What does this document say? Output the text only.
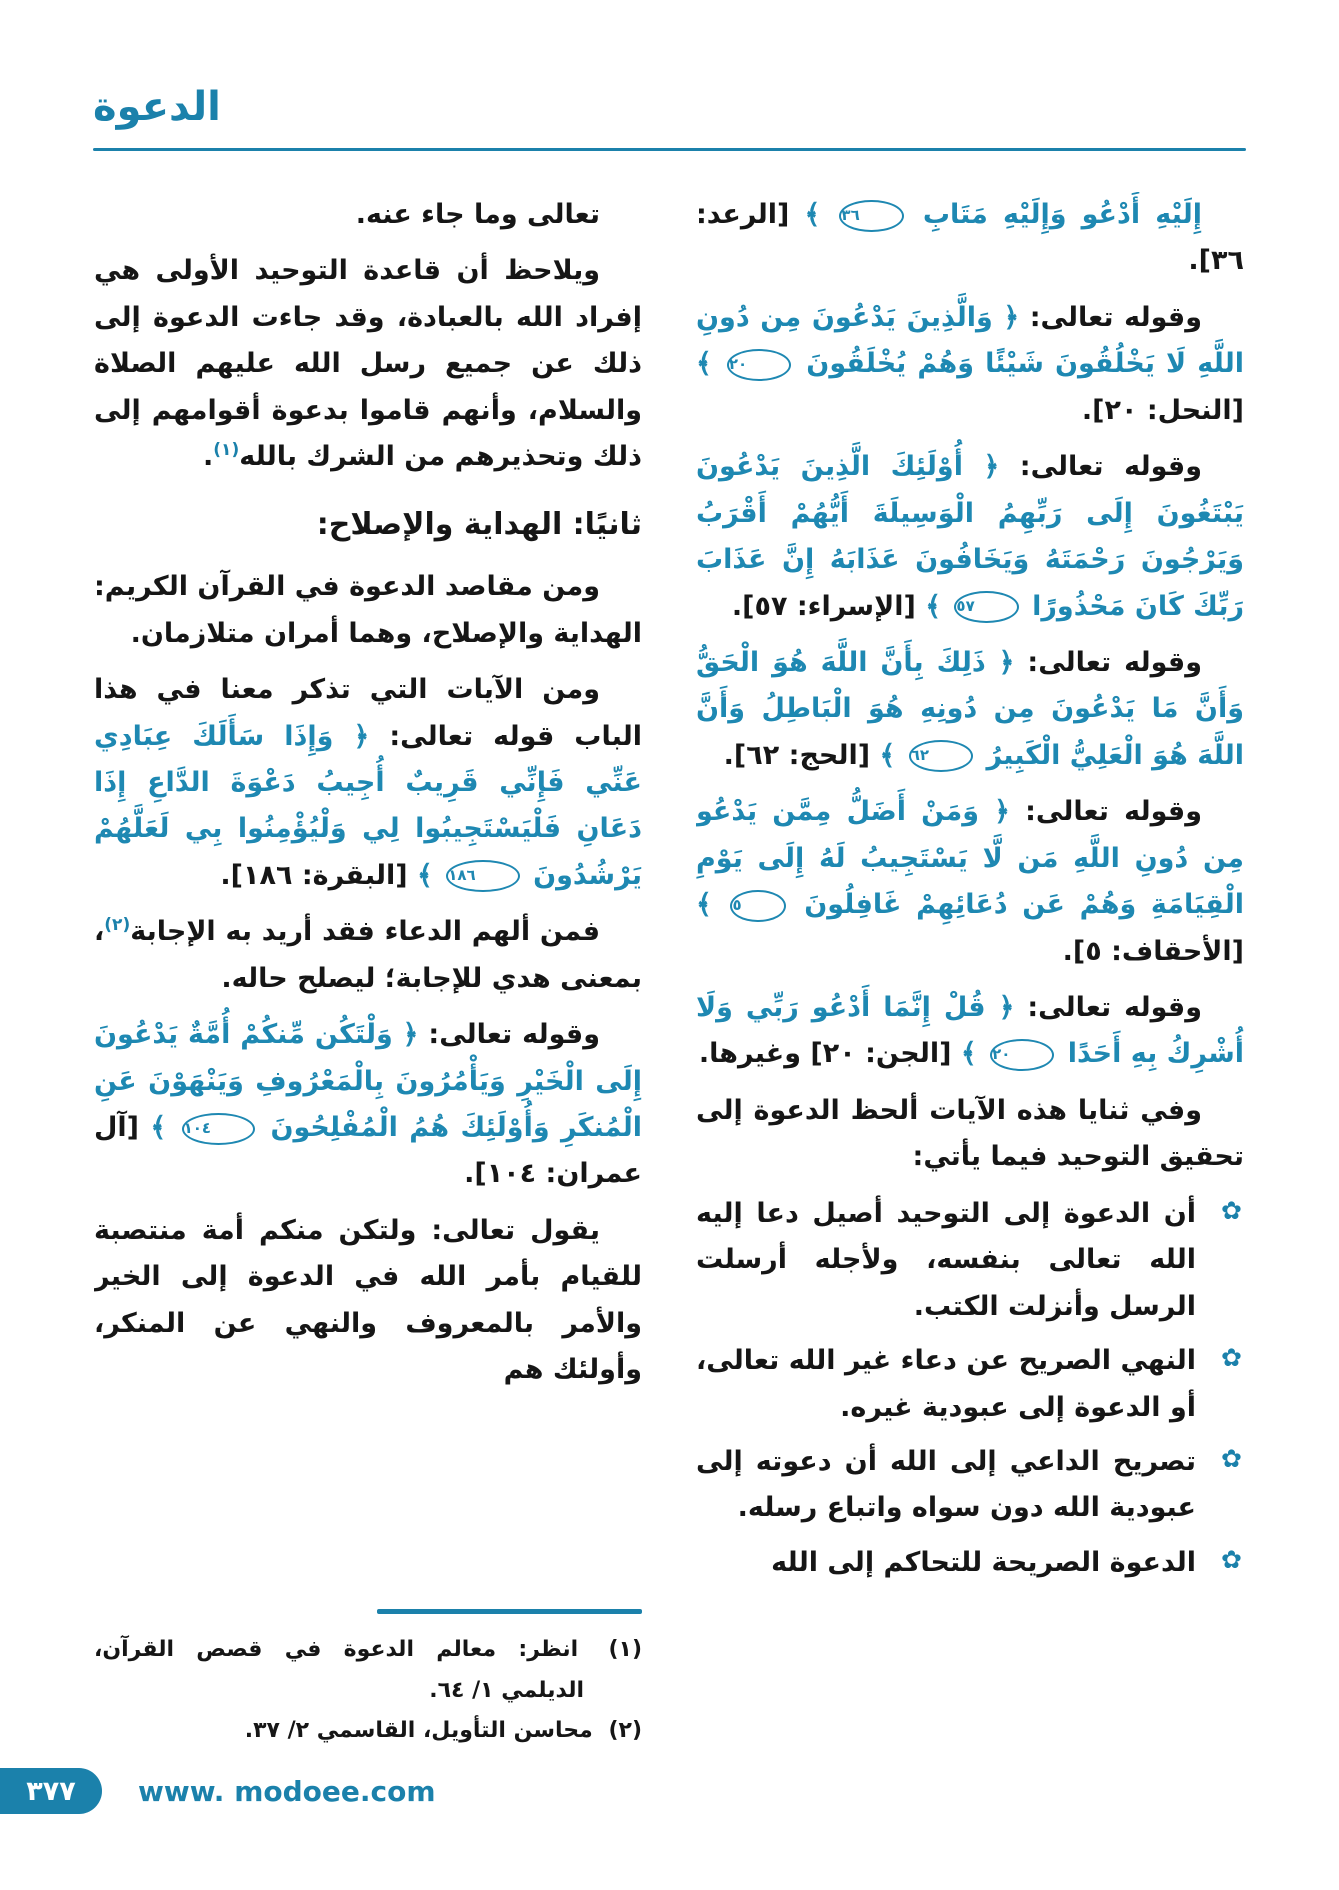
الدعوة

إِلَيْهِ أَدْعُو وَإِلَيْهِ مَتَابِ ٣٦ ﴾ [الرعد: ٣٦].

وقوله تعالى: ﴿ وَالَّذِينَ يَدْعُونَ مِن دُونِ اللَّهِ لَا يَخْلُقُونَ شَيْئًا وَهُمْ يُخْلَقُونَ ٢٠ ﴾ [النحل: ٢٠].

وقوله تعالى: ﴿ أُوْلَئِكَ الَّذِينَ يَدْعُونَ يَبْتَغُونَ إِلَى رَبِّهِمُ الْوَسِيلَةَ أَيُّهُمْ أَقْرَبُ وَيَرْجُونَ رَحْمَتَهُ وَيَخَافُونَ عَذَابَهُ إِنَّ عَذَابَ رَبِّكَ كَانَ مَحْذُورًا ٥٧ ﴾ [الإسراء: ٥٧].

وقوله تعالى: ﴿ ذَلِكَ بِأَنَّ اللَّهَ هُوَ الْحَقُّ وَأَنَّ مَا يَدْعُونَ مِن دُونِهِ هُوَ الْبَاطِلُ وَأَنَّ اللَّهَ هُوَ الْعَلِيُّ الْكَبِيرُ ٦٢ ﴾ [الحج: ٦٢].

وقوله تعالى: ﴿ وَمَنْ أَضَلُّ مِمَّن يَدْعُو مِن دُونِ اللَّهِ مَن لَّا يَسْتَجِيبُ لَهُ إِلَى يَوْمِ الْقِيَامَةِ وَهُمْ عَن دُعَائِهِمْ غَافِلُونَ ٥ ﴾ [الأحقاف: ٥].

وقوله تعالى: ﴿ قُلْ إِنَّمَا أَدْعُو رَبِّي وَلَا أُشْرِكُ بِهِ أَحَدًا ٢٠ ﴾ [الجن: ٢٠] وغيرها.

وفي ثنايا هذه الآيات ألحظ الدعوة إلى تحقيق التوحيد فيما يأتي:

✿
أن الدعوة إلى التوحيد أصيل دعا إليه الله تعالى بنفسه، ولأجله أرسلت الرسل وأنزلت الكتب.

✿
النهي الصريح عن دعاء غير الله تعالى، أو الدعوة إلى عبودية غيره.

✿
تصريح الداعي إلى الله أن دعوته إلى عبودية الله دون سواه واتباع رسله.

✿
الدعوة الصريحة للتحاكم إلى الله

تعالى وما جاء عنه.

ويلاحظ أن قاعدة التوحيد الأولى هي إفراد الله بالعبادة، وقد جاءت الدعوة إلى ذلك عن جميع رسل الله عليهم الصلاة والسلام، وأنهم قاموا بدعوة أقوامهم إلى ذلك وتحذيرهم من الشرك بالله$^{(١)}$.

ثانيًا: الهداية والإصلاح:

ومن مقاصد الدعوة في القرآن الكريم: الهداية والإصلاح، وهما أمران متلازمان.

ومن الآيات التي تذكر معنا في هذا الباب قوله تعالى: ﴿ وَإِذَا سَأَلَكَ عِبَادِي عَنِّي فَإِنِّي قَرِيبٌ أُجِيبُ دَعْوَةَ الدَّاعِ إِذَا دَعَانِ فَلْيَسْتَجِيبُوا لِي وَلْيُؤْمِنُوا بِي لَعَلَّهُمْ يَرْشُدُونَ ١٨٦ ﴾ [البقرة: ١٨٦].

فمن ألهم الدعاء فقد أريد به الإجابة$^{(٢)}$، بمعنى هدي للإجابة؛ ليصلح حاله.

وقوله تعالى: ﴿ وَلْتَكُن مِّنكُمْ أُمَّةٌ يَدْعُونَ إِلَى الْخَيْرِ وَيَأْمُرُونَ بِالْمَعْرُوفِ وَيَنْهَوْنَ عَنِ الْمُنكَرِ وَأُوْلَئِكَ هُمُ الْمُفْلِحُونَ ١٠٤ ﴾ [آل عمران: ١٠٤].

يقول تعالى: ولتكن منكم أمة منتصبة للقيام بأمر الله في الدعوة إلى الخير والأمر بالمعروف والنهي عن المنكر، وأولئك هم

(١) انظر: معالم الدعوة في قصص القرآن، الديلمي ١/ ٦٤.
(٢) محاسن التأويل، القاسمي ٢/ ٣٧.
٣٧٧ www. modoee.com
